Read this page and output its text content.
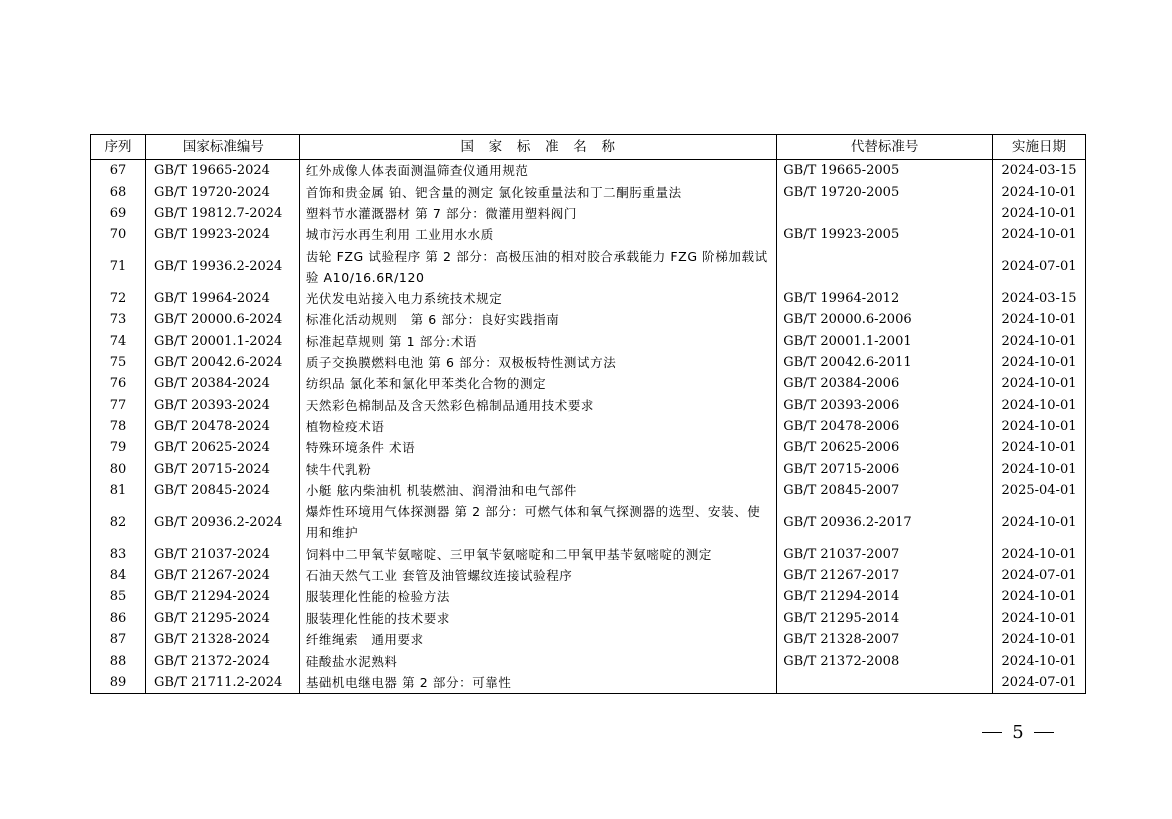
序列	国家标准编号	国　家　标　准　名　称	代替标准号	实施日期
67	GB/T 19665-2024	红外成像人体表面测温筛查仪通用规范	GB/T 19665-2005	2024-03-15
68	GB/T 19720-2024	首饰和贵金属 铂、钯含量的测定 氯化铵重量法和丁二酮肟重量法	GB/T 19720-2005	2024-10-01
69	GB/T 19812.7-2024	塑料节水灌溉器材 第 7 部分：微灌用塑料阀门		2024-10-01
70	GB/T 19923-2024	城市污水再生利用 工业用水水质	GB/T 19923-2005	2024-10-01
71	GB/T 19936.2-2024	齿轮 FZG 试验程序 第 2 部分：高极压油的相对胶合承载能力 FZG 阶梯加载试验 A10/16.6R/120		2024-07-01
72	GB/T 19964-2024	光伏发电站接入电力系统技术规定	GB/T 19964-2012	2024-03-15
73	GB/T 20000.6-2024	标准化活动规则　第 6 部分：良好实践指南	GB/T 20000.6-2006	2024-10-01
74	GB/T 20001.1-2024	标准起草规则 第 1 部分:术语	GB/T 20001.1-2001	2024-10-01
75	GB/T 20042.6-2024	质子交换膜燃料电池 第 6 部分：双极板特性测试方法	GB/T 20042.6-2011	2024-10-01
76	GB/T 20384-2024	纺织品 氯化苯和氯化甲苯类化合物的测定	GB/T 20384-2006	2024-10-01
77	GB/T 20393-2024	天然彩色棉制品及含天然彩色棉制品通用技术要求	GB/T 20393-2006	2024-10-01
78	GB/T 20478-2024	植物检疫术语	GB/T 20478-2006	2024-10-01
79	GB/T 20625-2024	特殊环境条件 术语	GB/T 20625-2006	2024-10-01
80	GB/T 20715-2024	犊牛代乳粉	GB/T 20715-2006	2024-10-01
81	GB/T 20845-2024	小艇 舷内柴油机 机装燃油、润滑油和电气部件	GB/T 20845-2007	2025-04-01
82	GB/T 20936.2-2024	爆炸性环境用气体探测器 第 2 部分：可燃气体和氧气探测器的选型、安装、使用和维护	GB/T 20936.2-2017	2024-10-01
83	GB/T 21037-2024	饲料中二甲氧苄氨嘧啶、三甲氧苄氨嘧啶和二甲氧甲基苄氨嘧啶的测定	GB/T 21037-2007	2024-10-01
84	GB/T 21267-2024	石油天然气工业 套管及油管螺纹连接试验程序	GB/T 21267-2017	2024-07-01
85	GB/T 21294-2024	服装理化性能的检验方法	GB/T 21294-2014	2024-10-01
86	GB/T 21295-2024	服装理化性能的技术要求	GB/T 21295-2014	2024-10-01
87	GB/T 21328-2024	纤维绳索　通用要求	GB/T 21328-2007	2024-10-01
88	GB/T 21372-2024	硅酸盐水泥熟料	GB/T 21372-2008	2024-10-01
89	GB/T 21711.2-2024	基础机电继电器 第 2 部分：可靠性		2024-07-01
5
